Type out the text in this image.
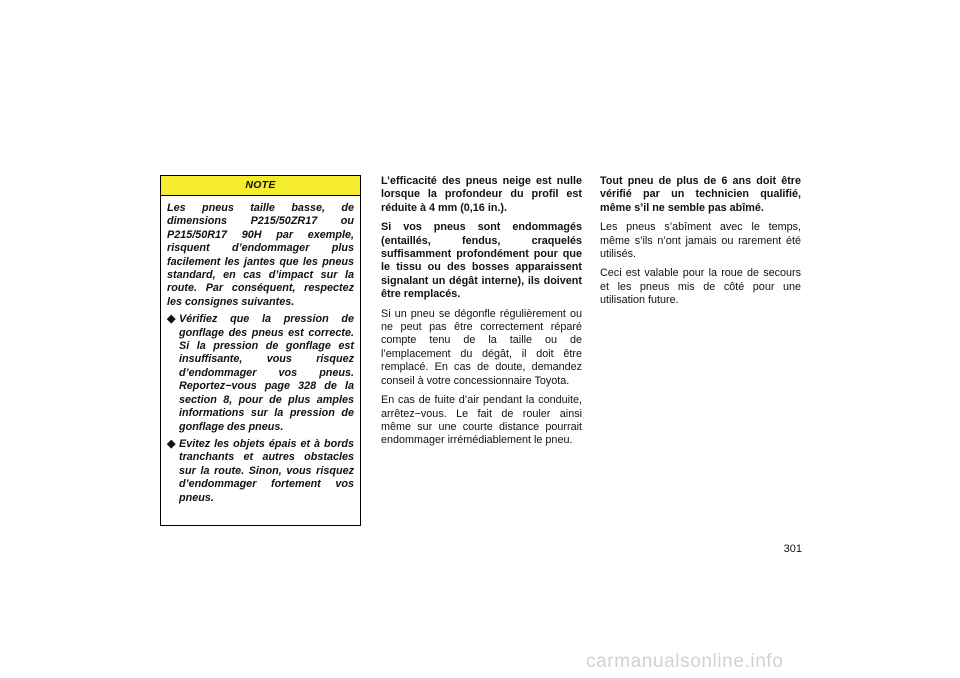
NOTE

Les pneus taille basse, de dimensions P215/50ZR17 ou P215/50R17 90H par exemple, risquent d’endommager plus facilement les jantes que les pneus standard, en cas d’impact sur la route. Par conséquent, respectez les consignes suivantes.

◆ Vérifiez que la pression de gonflage des pneus est correcte. Si la pression de gonflage est insuffisante, vous risquez d’endommager vos pneus. Reportez−vous page 328 de la section 8, pour de plus amples informations sur la pression de gonflage des pneus.
◆ Evitez les objets épais et à bords tranchants et autres obstacles sur la route. Sinon, vous risquez d’endommager fortement vos pneus.

L’efficacité des pneus neige est nulle lorsque la profondeur du profil est réduite à 4 mm (0,16 in.).

Si vos pneus sont endommagés (entaillés, fendus, craquelés suffisamment profondément pour que le tissu ou des bosses apparaissent signalant un dégât interne), ils doivent être remplacés.

Si un pneu se dégonfle régulièrement ou ne peut pas être correctement réparé compte tenu de la taille ou de l’emplacement du dégât, il doit être remplacé. En cas de doute, demandez conseil à votre concessionnaire Toyota.

En cas de fuite d’air pendant la conduite, arrêtez−vous. Le fait de rouler ainsi même sur une courte distance pourrait endommager irrémédiablement le pneu.

Tout pneu de plus de 6 ans doit être vérifié par un technicien qualifié, même s’il ne semble pas abîmé.

Les pneus s’abîment avec le temps, même s’ils n’ont jamais ou rarement été utilisés.

Ceci est valable pour la roue de secours et les pneus mis de côté pour une utilisation future.

301
carmanualsonline.info
